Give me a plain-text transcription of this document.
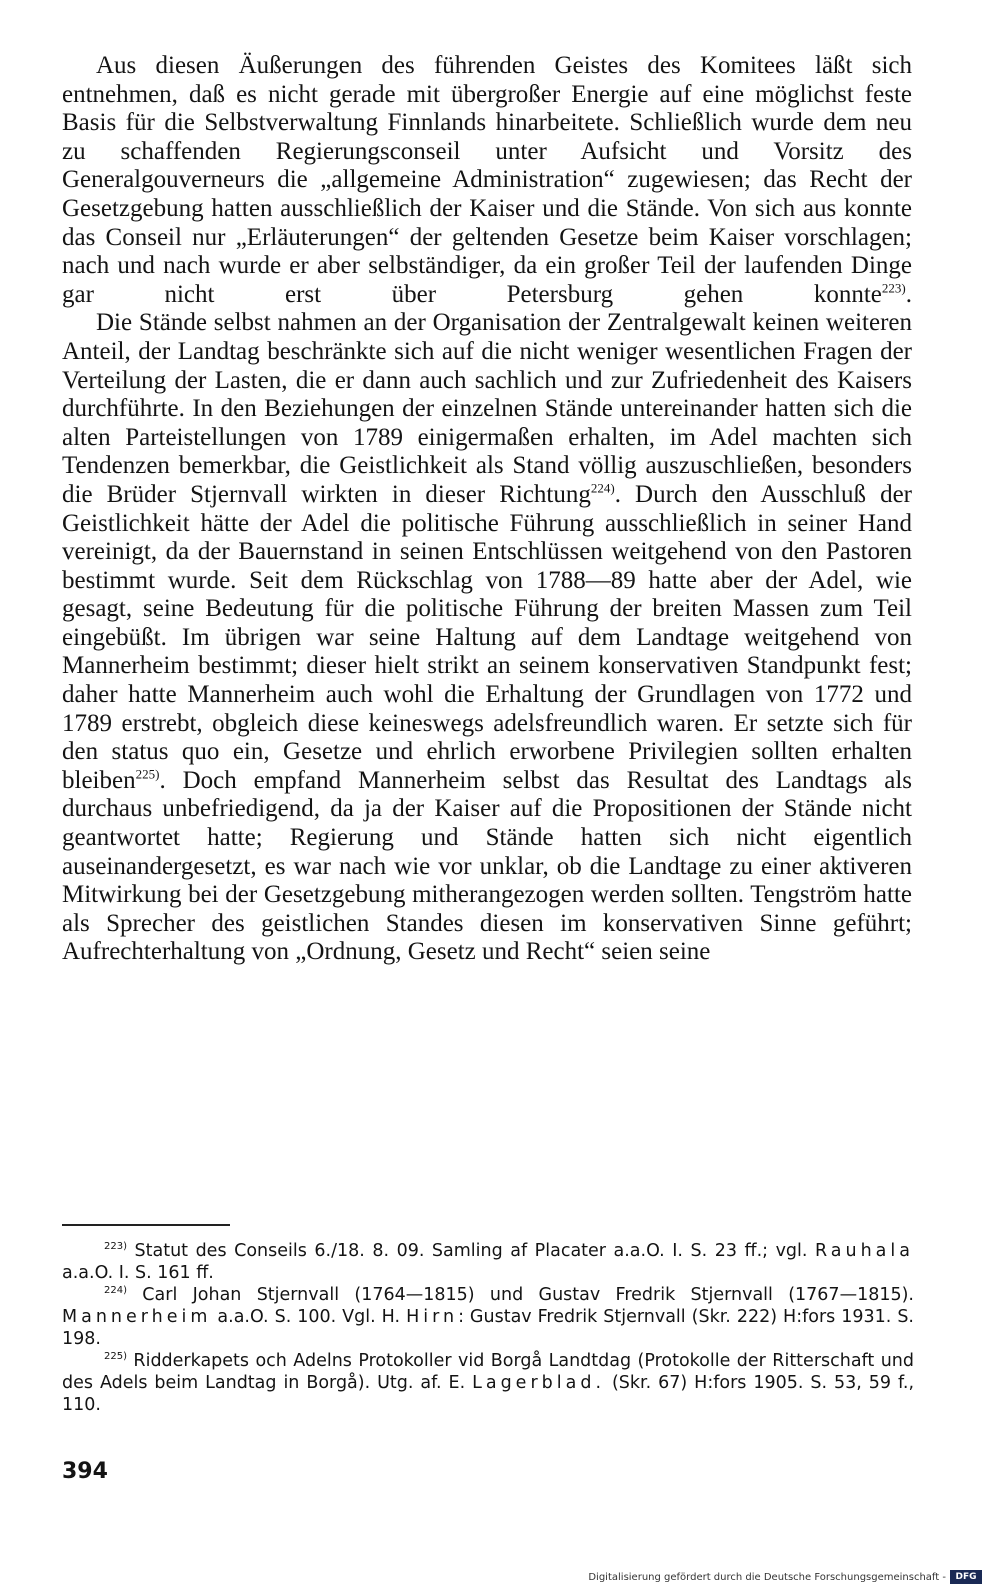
Aus diesen Äußerungen des führenden Geistes des Komitees läßt sich entnehmen, daß es nicht gerade mit übergroßer Energie auf eine möglichst feste Basis für die Selbstverwaltung Finnlands hinarbeitete. Schließlich wurde dem neu zu schaffenden Regierungsconseil unter Aufsicht und Vorsitz des Generalgouverneurs die „allgemeine Administration“ zugewiesen; das Recht der Gesetzgebung hatten ausschließlich der Kaiser und die Stände. Von sich aus konnte das Conseil nur „Erläuterungen“ der geltenden Gesetze beim Kaiser vorschlagen; nach und nach wurde er aber selbständiger, da ein großer Teil der laufenden Dinge gar nicht erst über Petersburg gehen konnte$^{223)}$.

Die Stände selbst nahmen an der Organisation der Zentralgewalt keinen weiteren Anteil, der Landtag beschränkte sich auf die nicht weniger wesentlichen Fragen der Verteilung der Lasten, die er dann auch sachlich und zur Zufriedenheit des Kaisers durchführte. In den Beziehungen der einzelnen Stände untereinander hatten sich die alten Parteistellungen von 1789 einigermaßen erhalten, im Adel machten sich Tendenzen bemerkbar, die Geistlichkeit als Stand völlig auszuschließen, besonders die Brüder Stjernvall wirkten in dieser Richtung$^{224)}$. Durch den Ausschluß der Geistlichkeit hätte der Adel die politische Führung ausschließlich in seiner Hand vereinigt, da der Bauernstand in seinen Entschlüssen weitgehend von den Pastoren bestimmt wurde. Seit dem Rückschlag von 1788—89 hatte aber der Adel, wie gesagt, seine Bedeutung für die politische Führung der breiten Massen zum Teil eingebüßt. Im übrigen war seine Haltung auf dem Landtage weitgehend von Mannerheim bestimmt; dieser hielt strikt an seinem konservativen Standpunkt fest; daher hatte Mannerheim auch wohl die Erhaltung der Grundlagen von 1772 und 1789 erstrebt, obgleich diese keineswegs adelsfreundlich waren. Er setzte sich für den status quo ein, Gesetze und ehrlich erworbene Privilegien sollten erhalten bleiben$^{225)}$. Doch empfand Mannerheim selbst das Resultat des Landtags als durchaus unbefriedigend, da ja der Kaiser auf die Propositionen der Stände nicht geantwortet hatte; Regierung und Stände hatten sich nicht eigentlich auseinandergesetzt, es war nach wie vor unklar, ob die Landtage zu einer aktiveren Mitwirkung bei der Gesetzgebung mitherangezogen werden sollten. Tengström hatte als Sprecher des geistlichen Standes diesen im konservativen Sinne geführt; Aufrechterhaltung von „Ordnung, Gesetz und Recht“ seien seine

$^{223)}$ Statut des Conseils 6./18. 8. 09. Samling af Placater a.a.O. I. S. 23 ff.; vgl. Rauhala a.a.O. I. S. 161 ff.

$^{224)}$ Carl Johan Stjernvall (1764—1815) und Gustav Fredrik Stjernvall (1767—1815). Mannerheim a.a.O. S. 100. Vgl. H. Hirn: Gustav Fredrik Stjernvall (Skr. 222) H:fors 1931. S. 198.

$^{225)}$ Ridderkapets och Adelns Protokoller vid Borgå Landtdag (Protokolle der Ritterschaft und des Adels beim Landtag in Borgå). Utg. af. E. Lagerblad. (Skr. 67) H:fors 1905. S. 53, 59 f., 110.

394
Digitalisierung gefördert durch die Deutsche Forschungsgemeinschaft -	DFG
